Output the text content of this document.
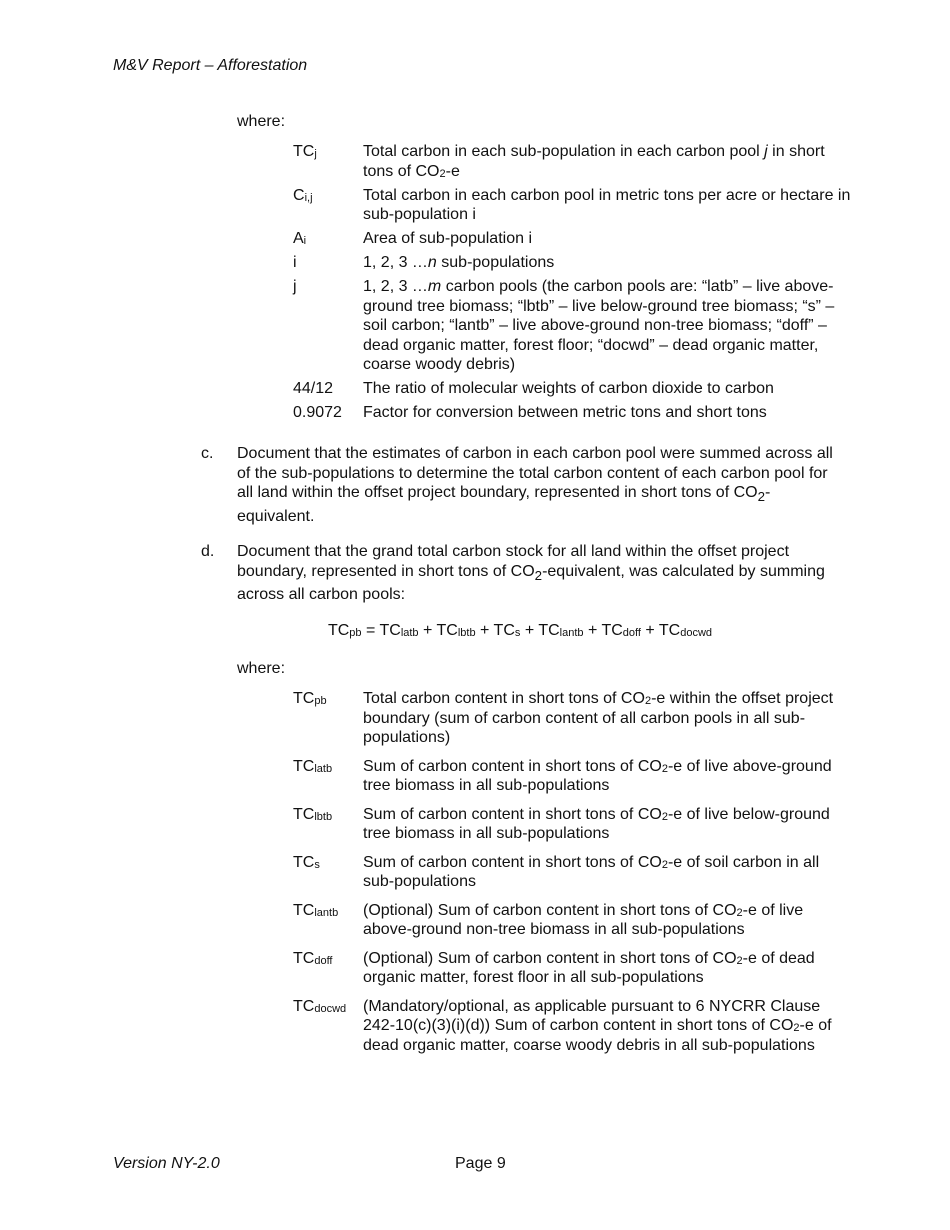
M&V Report – Afforestation
where:
$TC_j$	Total carbon in each sub-population in each carbon pool j in short tons of $CO_2-e$
$C_{i,j}$	Total carbon in each carbon pool in metric tons per acre or hectare in sub-population i
$A_i$	Area of sub-population i
i	1, 2, 3 …n sub-populations
j	1, 2, 3 …m carbon pools (the carbon pools are: “latb” – live above-ground tree biomass; “lbtb” – live below-ground tree biomass; “s” – soil carbon; “lantb” – live above-ground non-tree biomass; “doff” – dead organic matter, forest floor; “docwd” – dead organic matter, coarse woody debris)
44/12	The ratio of molecular weights of carbon dioxide to carbon
0.9072	Factor for conversion between metric tons and short tons
c.	Document that the estimates of carbon in each carbon pool were summed across all of the sub-populations to determine the total carbon content of each carbon pool for all land within the offset project boundary, represented in short tons of $CO_2$-equivalent.
d.	Document that the grand total carbon stock for all land within the offset project boundary, represented in short tons of $CO_2$-equivalent, was calculated by summing across all carbon pools:
$TC_{pb} = TC_{latb} + TC_{lbtb} + TC_s + TC_{lantb} + TC_{doff} + TC_{docwd}$
where:
$TC_{pb}$	Total carbon content in short tons of $CO_2-e$ within the offset project boundary (sum of carbon content of all carbon pools in all sub-populations)
$TC_{latb}$	Sum of carbon content in short tons of $CO_2-e$ of live above-ground tree biomass in all sub-populations
$TC_{lbtb}$	Sum of carbon content in short tons of $CO_2-e$ of live below-ground tree biomass in all sub-populations
$TC_s$	Sum of carbon content in short tons of $CO_2-e$ of soil carbon in all sub-populations
$TC_{lantb}$	(Optional) Sum of carbon content in short tons of $CO_2-e$ of live above-ground non-tree biomass in all sub-populations
$TC_{doff}$	(Optional) Sum of carbon content in short tons of $CO_2-e$ of dead organic matter, forest floor in all sub-populations
$TC_{docwd}$	(Mandatory/optional, as applicable pursuant to 6 NYCRR Clause 242-10(c)(3)(i)(d)) Sum of carbon content in short tons of $CO_2-e$ of dead organic matter, coarse woody debris in all sub-populations
Version NY-2.0	Page 9
